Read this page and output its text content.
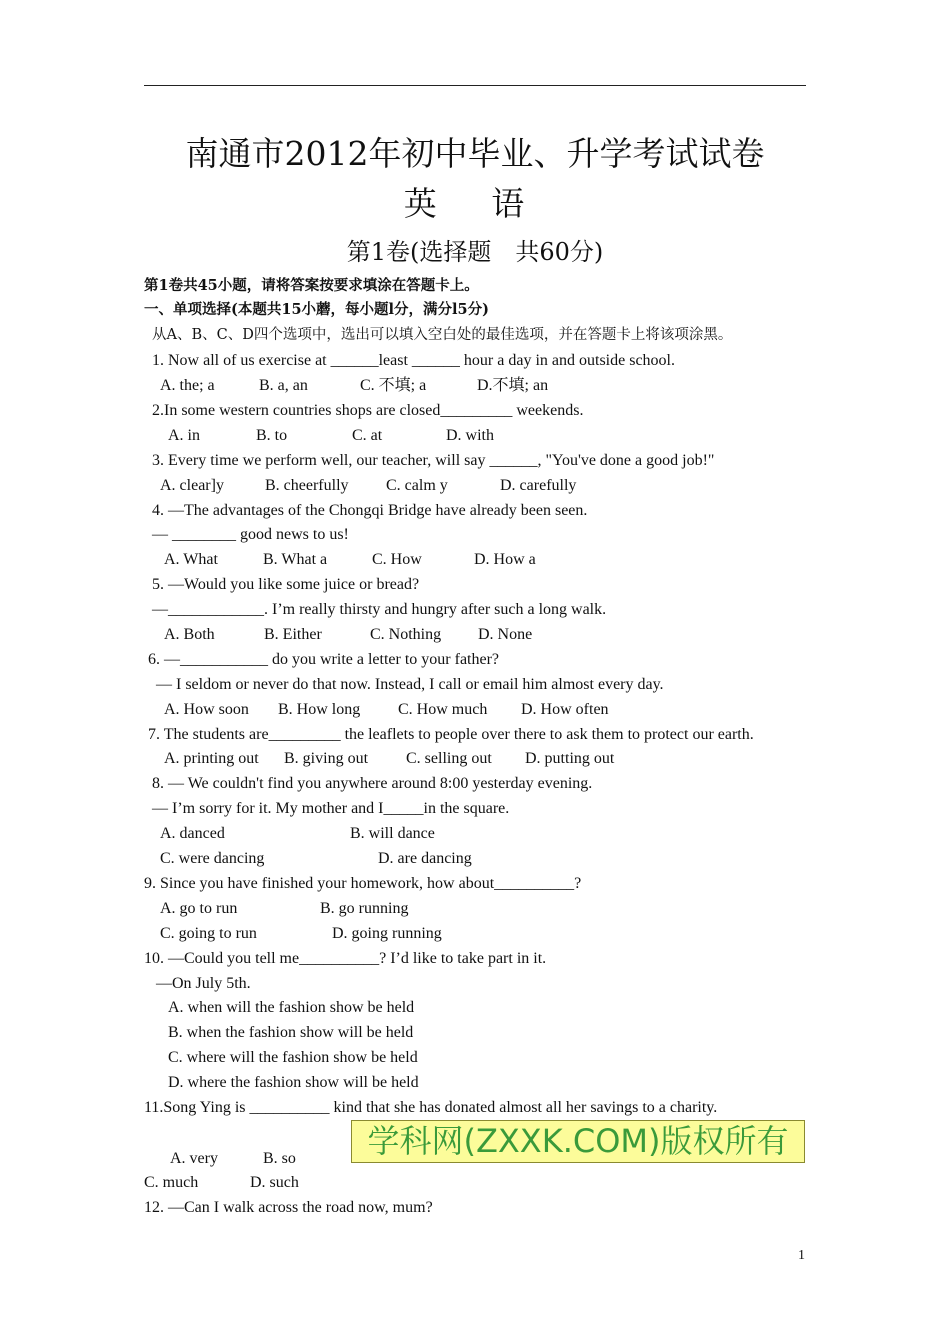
南通市2012年初中毕业、升学考试试卷
英 语
第1卷(选择题　共60分)
第1卷共45小题，请将答案按要求填涂在答题卡上。
一、单项选择(本题共15小蘑，每小题l分，满分l5分)
从A、B、C、D四个选项中，选出可以填入空白处的最佳选项，并在答题卡上将该项涂黑。
1. Now all of us exercise at ______least ______ hour a day in and outside school.
A. the; a	B. a, an	C. 不填; a	D.不填; an
2.In some western countries shops are closed_________ weekends.
A. in	B. to	C. at	D. with
3. Every time we perform well, our teacher, will say ______, "You've done a good job!"
A. clear]y	B. cheerfully C. calm y	D. carefully
4. —The advantages of the Chongqi Bridge have already been seen.
— ________ good news to us!
A. What	B. What a	C. How	D. How a
5. —Would you like some juice or bread?
—____________. I’m really thirsty and hungry after such a long walk.
A. Both	B. Either	C. Nothing D. None
6. —___________ do you write a letter to your father?
— I seldom or never do that now. Instead, I call or email him almost every day.
A. How soon B. How long C. How much D. How often
7. The students are_________ the leaflets to people over there to ask them to protect our earth.
A. printing out B. giving out C. selling out D. putting out
8. — We couldn't find you anywhere around 8:00 yesterday evening.
— I’m sorry for it. My mother and I_____in the square.
A. danced	B. will dance
C. were dancing	D. are dancing
9. Since you have finished your homework, how about__________?
A. go to run	B. go running
C. going to run	D. going running
10. —Could you tell me__________? I’d like to take part in it.
—On July 5th.
A. when will the fashion show be held
B. when the fashion show will be held
C. where will the fashion show be held
D. where the fashion show will be held
11.Song Ying is __________ kind that she has donated almost all her savings to a charity.
A. very	B. so
C. much	D. such
12. —Can I walk across the road now, mum?
学科网(ZXXK.COM)版权所有
1
